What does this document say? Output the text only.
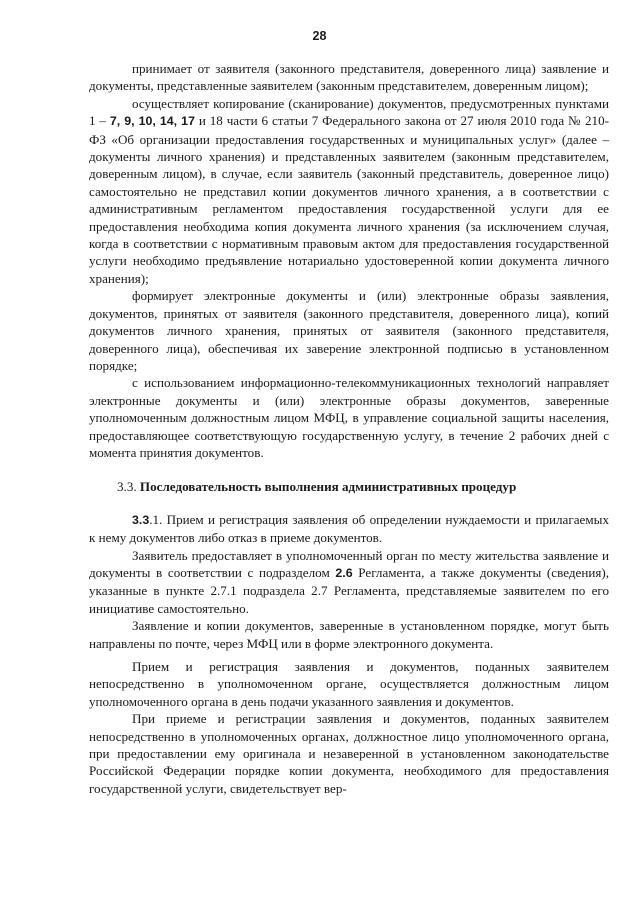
28

принимает от заявителя (законного представителя, доверенного лица) заявление и документы, представленные заявителем (законным представителем, доверенным лицом);

осуществляет копирование (сканирование) документов, предусмотренных пунктами 1 – 7, 9, 10, 14, 17 и 18 части 6 статьи 7 Федерального закона от 27 июля 2010 года № 210-ФЗ «Об организации предоставления государственных и муниципальных услуг» (далее – документы личного хранения) и представленных заявителем (законным представителем, доверенным лицом), в случае, если заявитель (законный представитель, доверенное лицо) самостоятельно не представил копии документов личного хранения, а в соответствии с административным регламентом предоставления государственной услуги для ее предоставления необходима копия документа личного хранения (за исключением случая, когда в соответствии с нормативным правовым актом для предоставления государственной услуги необходимо предъявление нотариально удостоверенной копии документа личного хранения);

формирует электронные документы и (или) электронные образы заявления, документов, принятых от заявителя (законного представителя, доверенного лица), копий документов личного хранения, принятых от заявителя (законного представителя, доверенного лица), обеспечивая их заверение электронной подписью в установленном порядке;

с использованием информационно-телекоммуникационных технологий направляет электронные документы и (или) электронные образы документов, заверенные уполномоченным должностным лицом МФЦ, в управление социальной защиты населения, предоставляющее соответствующую государственную услугу, в течение 2 рабочих дней с момента принятия документов.

3.3. Последовательность выполнения административных процедур

3.3.1. Прием и регистрация заявления об определении нуждаемости и прилагаемых к нему документов либо отказ в приеме документов.

Заявитель предоставляет в уполномоченный орган по месту жительства заявление и документы в соответствии с подразделом 2.6 Регламента, а также документы (сведения), указанные в пункте 2.7.1 подраздела 2.7 Регламента, представляемые заявителем по его инициативе самостоятельно.

Заявление и копии документов, заверенные в установленном порядке, могут быть направлены по почте, через МФЦ или в форме электронного документа.

Прием и регистрация заявления и документов, поданных заявителем непосредственно в уполномоченном органе, осуществляется должностным лицом уполномоченного органа в день подачи указанного заявления и документов.

При приеме и регистрации заявления и документов, поданных заявителем непосредственно в уполномоченных органах, должностное лицо уполномоченного органа, при предоставлении ему оригинала и незаверенной в установленном законодательстве Российской Федерации порядке копии документа, необходимого для предоставления государственной услуги, свидетельствует вер-
